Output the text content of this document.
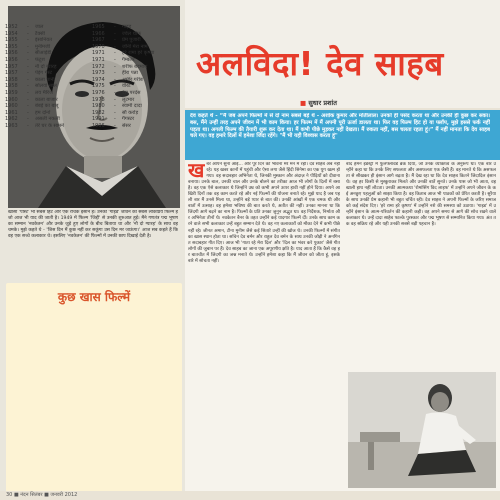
खासा 'पोस्ट' भी सबसे हिट और एक रोचक इंसान हैं। उनकी 'गाइड' जीवन की सबसे लोकप्रिय फिल्म है जो आज भी याद की जाती है। 1949 में फिल्म 'जिद्दी' से उनकी शुरुआत हुई। मैंने गणतंत्र पद्म भूषण का सम्मान 'नवकेतन' और उनके जुड़े हुए लोगों के बीच बिताया था और 'नौ दो ग्यारह' के साथ वह चमके। मुझे कहते थे - 'जिस दिन मैं कुछ नहीं कर सकूंगा उस दिन मर जाऊंगा।' आज सब कहते हैं कि वह एक सच्चे कलाकार थे। इसलिए 'नवकेतन' की फिल्मों में उनकी छाप दिखाई देती है।
कुछ खास फिल्में
1952	-	जाल
1954	-	टैक्सी
1955	-	इंसानियत
1955	-	मुनीमजी
1956	-	सीआईडी
1956	-	फंटूश
1957	-	नौ दो ग्यारह
1957	-	पेइंग गेस्ट
1958	-	काला पानी
1958	-	सोलवां साल
1959	-	लव मैरिज
1960	-	काला बाजार
1960	-	बंबई का बाबू
1961	-	हम दोनों
1962	-	असली नकली
1963	-	तेरे घर के सामने
1965	-	गाइड
1966	-	ज्वेल थीफ
1967	-	प्रेम पुजारी
1970	-	जॉनी मेरा नाम
1971	-	हरे रामा हरे कृष्णा
1971	-	गैम्बलर
1972	-	शरीफ बदमाश
1973	-	हीरा पन्ना
1974	-	अमीर गरीब
1975	-	वॉरंट
1976	-	देस परदेस
1978	-	लूटमार
1980	-	स्वामी दादा
1982	-	सौ करोड़
1991	-	गैंगस्टर
1996	-	सेंसर
अलविदा! देव साहब
■ सुधार प्रशांत
देव कहते थे - “मैं जब अपने फिल्मों में से दो नाम सबसे बड़े थे - अशोक कुमार और मोतीलाल। उनको ही पसंद करता था और उनकी ही कुछ कर सका। बस, मैंने उन्हीं तरह अपने जीवन में भी काम किया। हर फिल्म में मैं अपनी पूरी ऊर्जा डालता था। फिर वह फिल्म हिट हो या फ्लॉप, मुझे इससे फर्क नहीं पड़ता था। अगली फिल्म की तैयारी शुरू कर देता था। मैं कभी पीछे मुड़कर नहीं देखता। मैं रुकता नहीं, बस चलता रहता हूं।” मैं नहीं मानता कि देव साहब चले गए। वह हमारे दिलों में हमेशा जिंदा रहेंगे। "मैं भी यही विश्वास करता हूं"
खबर आपने सुना आई... और पूरे दिन को भावना मेरे मन में रही। देव साहब अब नहीं रहे। यह खबर कानों में पहुंची और ऐसा लगा जैसे हिंदी सिनेमा का एक युग खत्म हो गया। वह सदाबहार अभिनेता थे, जिनकी मुस्कान और अंदाज़ ने पीढ़ियों को दीवाना बनाया। उनके बाल, उनकी चाल और उनके बोलने का तरीका आज भी लोगों के दिलों में बसा है। वह एक ऐसे कलाकार थे जिन्होंने उम्र को कभी अपने ऊपर हावी नहीं होने दिया। अपने आखिरी दिनों तक वह काम करते रहे और नई फिल्मों की योजना बनाते रहे। मुझे याद है जब पहली बार मैं उनसे मिला था, उन्होंने बड़े प्यार से बात की। उनकी आंखों में एक चमक थी और बातों में उत्साह। वह हमेशा भविष्य की बात करते थे, अतीत की नहीं। उनका मानना था कि जिंदगी आगे बढ़ने का नाम है। फिल्मों के प्रति उनका जुनून अद्भुत था। वह निर्देशक, निर्माता और अभिनेता तीनों थे। नवकेतन बैनर के तहत उन्होंने कई यादगार फिल्में दीं। उनके साथ काम करने वाले सभी कलाकार उन्हें बहुत सम्मान देते थे। वह नए कलाकारों को मौका देने में कभी पीछे नहीं रहे। जीनत अमान, टीना मुनीम जैसे कई सितारे उन्हीं की खोज थे। उनकी फिल्मों में संगीत का खास स्थान होता था। सचिन देव बर्मन और राहुल देव बर्मन के साथ उनकी जोड़ी ने अनगिनत सदाबहार गीत दिए। आज भी 'गाता रहे मेरा दिल' और 'दिल का भंवर करे पुकार' जैसे गीत लोगों की जुबान पर हैं। देव साहब का जाना एक अपूरणीय क्षति है। याद आता है कि कैसे वह हर बातचीत में जिंदगी का जश्न मनाते थे। उन्होंने हमेशा कहा कि मैं जीवन को जीता हूं, इसके बारे में सोचता नहीं।
बाद हमने इंडस्ट्री में फुलफ्लावर्ड ब्रेक दिया, जो उनके व्यक्तित्व के अनुरूप था। एक बार उन्होंने कहा था कि उनके लिए सफलता और असफलता एक जैसी हैं। वह मानते थे कि असफलता से सीखकर ही इंसान आगे बढ़ता है। मैं देख रहा था कि देव साहब कितने जिंदादिल इंसान थे। वह हर किसी से मुस्कुराकर मिलते और उनकी बातें सुनते। उनके पास जो भी आता, वह खाली हाथ नहीं लौटता। उनकी आत्मकथा 'रोमांसिंग विद लाइफ' में उन्होंने अपने जीवन के कई अनछुए पहलुओं को साझा किया है। वह किताब आज भी पाठकों को प्रेरित करती है। सुरैया के साथ उनकी प्रेम कहानी भी बहुत चर्चित रही। देव साहब ने अपनी फिल्मों के जरिए समाज को कई संदेश दिए। 'हरे रामा हरे कृष्णा' में उन्होंने नशे की समस्या को उठाया। 'गाइड' में उन्होंने इंसान के आत्म-परिवर्तन की कहानी कही। वह अपने समय से आगे की सोच रखने वाले कलाकार थे। उन्हें दादा साहेब फाल्के पुरस्कार और पद्म भूषण से सम्मानित किया गया। अंत तक वह सक्रिय रहे और यही उनकी सबसे बड़ी पहचान है।
30 ■ नंदन सितंबर ■ जनवरी 2012
